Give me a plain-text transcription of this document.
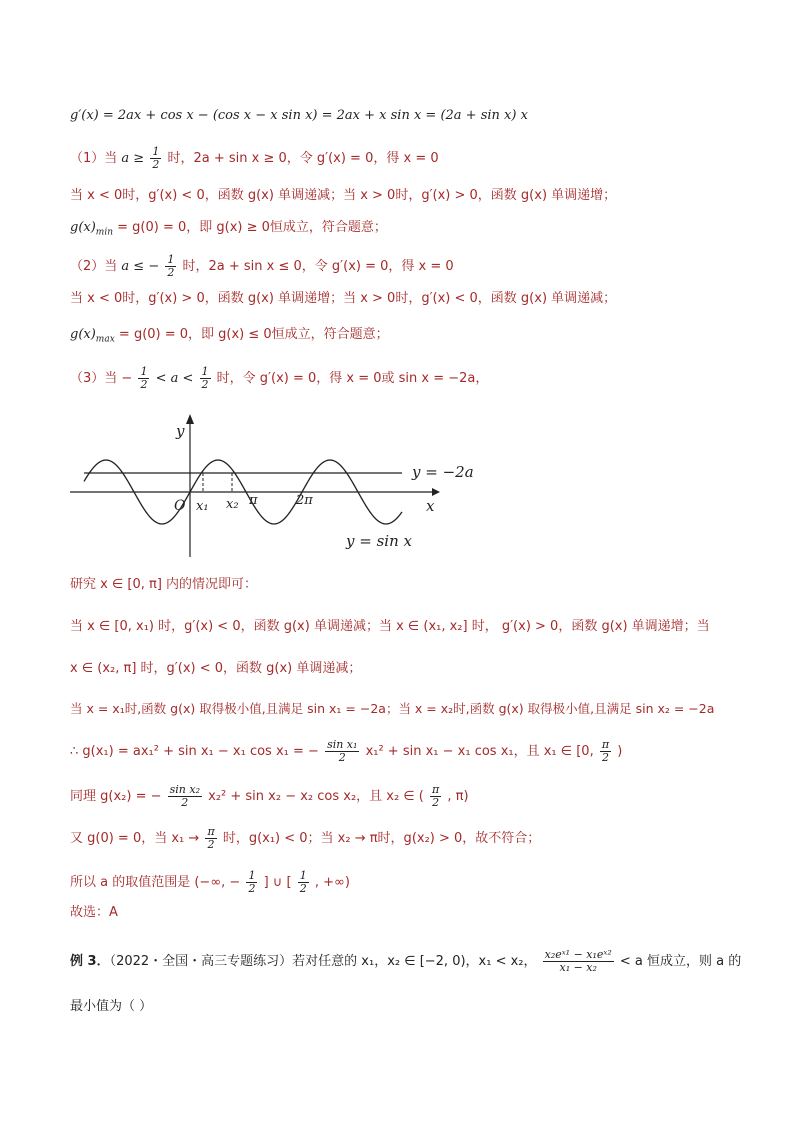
g′(x) = 2ax + cos x − (cos x − x sin x) = 2ax + x sin x = (2a + sin x) x
（1）当 $a \ge \frac{1}{2}$ 时，2a + sin x ≥ 0，令 g′(x) = 0，得 x = 0
当 x < 0时，g′(x) < 0，函数 g(x) 单调递减；当 x > 0时，g′(x) > 0，函数 g(x) 单调递增；
$g(x)_{min} = g(0) = 0$，即 g(x) ≥ 0恒成立，符合题意；
（2）当 a ≤ − $\frac{1}{2}$ 时，2a + sin x ≤ 0，令 g′(x) = 0，得 x = 0
当 x < 0时，g′(x) > 0，函数 g(x) 单调递增；当 x > 0时，g′(x) < 0，函数 g(x) 单调递减；
$g(x)_{max} = g(0) = 0$，即 g(x) ≤ 0恒成立，符合题意；
（3）当 − $\frac{1}{2} < a < \frac{1}{2}$ 时，令 g′(x) = 0，得 x = 0或 sin x = −2a，
y
x
O x₁ x₂ π	2π
y = −2a
y = sin x
研究 x ∈ [0, π] 内的情况即可：
当 x ∈ [0, x₁) 时，g′(x) < 0，函数 g(x) 单调递减；当 x ∈ (x₁, x₂] 时， g′(x) > 0，函数 g(x) 单调递增；当
x ∈ (x₂, π] 时，g′(x) < 0，函数 g(x) 单调递减；
当 x = x₁时,函数 g(x) 取得极小值,且满足 sin x₁ = −2a；当 x = x₂时,函数 g(x) 取得极小值,且满足 sin x₂ = −2a
∴ g(x₁) = ax₁² + sin x₁ − x₁ cos x₁ = − $\frac{\text{sin x₁}}{2} x_1^2 + \sin x_1 - x_1$ cos x₁，且 x₁ ∈ [0, $\frac{\pi}{2}$ )
同理 g(x₂) = − $\frac{\text{sin x₂}}{2} x_2^2 + \sin x_2 - x_2$ cos x₂，且 x₂ ∈ ( $\frac{\pi}{2}$ , π)
又 g(0) = 0，当 $x_1 \to \frac{\pi}{2}$ 时，g(x₁) < 0；当 x₂ → π时，g(x₂) > 0，故不符合；
所以 a 的取值范围是 (−∞, − $\frac{1}{2}$ ] ∪ [ $\frac{1}{2}$ , +∞)
故选：A
例 3．（2022・全国・高三专题练习）若对任意的 x₁，x₂ ∈ [−2, 0)，x₁ < x₂， $\frac{\text{x₂eˣ¹ − x₁eˣ²}}{\text{x₁ − x₂}} < a$ 恒成立，则 a 的
最小值为（ ）
